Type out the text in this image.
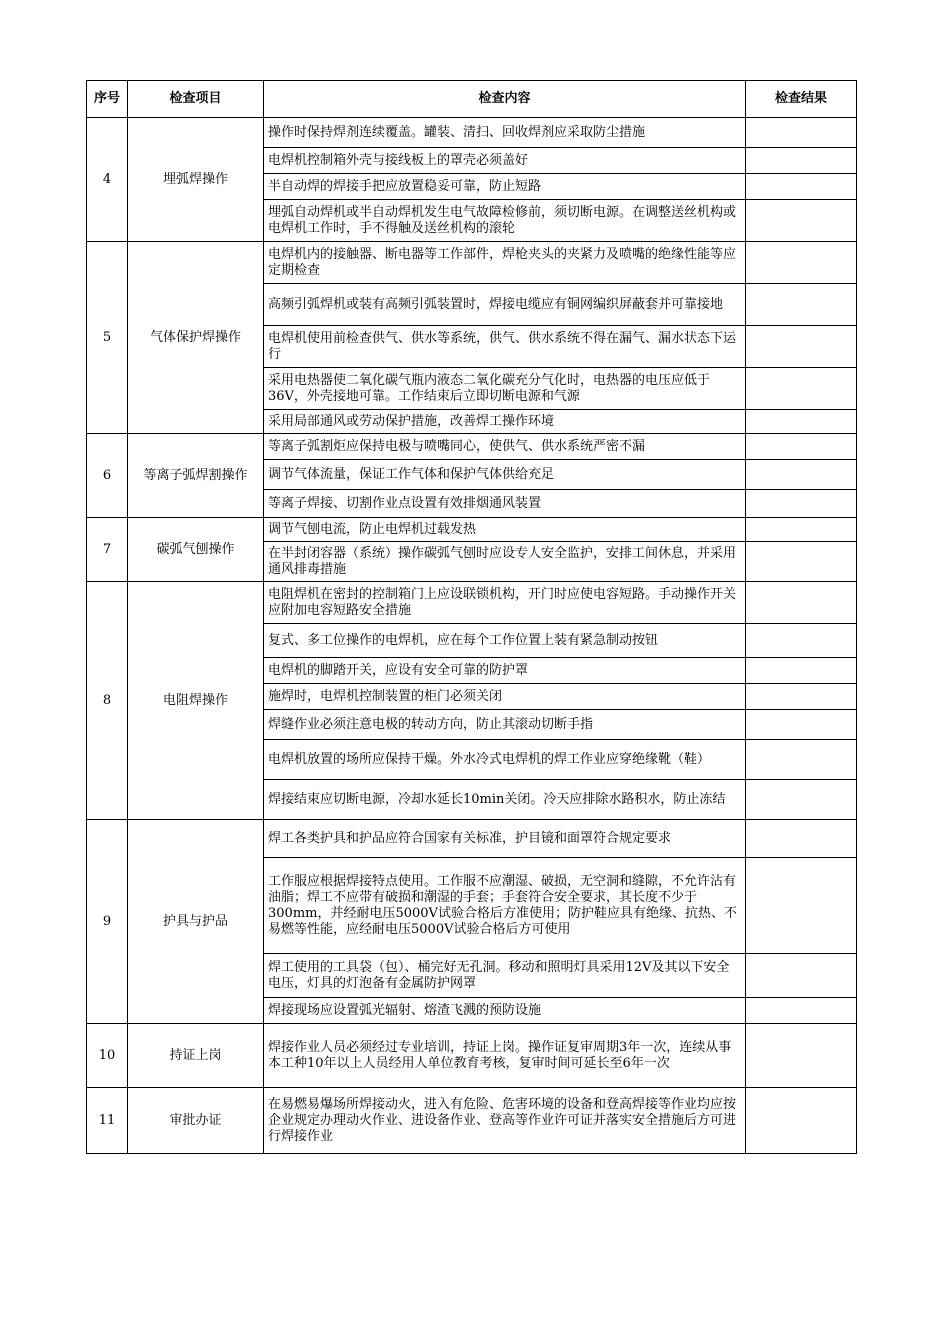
序号	检查项目	检查内容	检查结果
4	埋弧焊操作	操作时保持焊剂连续覆盖。罐装、清扫、回收焊剂应采取防尘措施	
		电焊机控制箱外壳与接线板上的罩壳必须盖好	
		半自动焊的焊接手把应放置稳妥可靠，防止短路	
		埋弧自动焊机或半自动焊机发生电气故障检修前，须切断电源。在调整送丝机构或电焊机工作时，手不得触及送丝机构的滚轮	
5	气体保护焊操作	电焊机内的接触器、断电器等工作部件，焊枪夹头的夹紧力及喷嘴的绝缘性能等应定期检查	
		高频引弧焊机或装有高频引弧装置时，焊接电缆应有铜网编织屏蔽套并可靠接地	
		电焊机使用前检查供气、供水等系统，供气、供水系统不得在漏气、漏水状态下运行	
		采用电热器使二氧化碳气瓶内液态二氧化碳充分气化时，电热器的电压应低于36V，外壳接地可靠。工作结束后立即切断电源和气源	
		采用局部通风或劳动保护措施，改善焊工操作环境	
6	等离子弧焊割操作	等离子弧割炬应保持电极与喷嘴同心，使供气、供水系统严密不漏	
		调节气体流量，保证工作气体和保护气体供给充足	
		等离子焊接、切割作业点设置有效排烟通风装置	
7	碳弧气刨操作	调节气刨电流，防止电焊机过载发热	
		在半封闭容器（系统）操作碳弧气刨时应设专人安全监护，安排工间休息，并采用通风排毒措施	
8	电阻焊操作	电阻焊机在密封的控制箱门上应设联锁机构，开门时应使电容短路。手动操作开关应附加电容短路安全措施	
		复式、多工位操作的电焊机，应在每个工作位置上装有紧急制动按钮	
		电焊机的脚踏开关，应设有安全可靠的防护罩	
		施焊时，电焊机控制装置的柜门必须关闭	
		焊缝作业必须注意电极的转动方向，防止其滚动切断手指	
		电焊机放置的场所应保持干燥。外水冷式电焊机的焊工作业应穿绝缘靴（鞋）	
		焊接结束应切断电源，冷却水延长10min关闭。冷天应排除水路积水，防止冻结	
9	护具与护品	焊工各类护具和护品应符合国家有关标准，护目镜和面罩符合规定要求	
		工作服应根据焊接特点使用。工作服不应潮湿、破损，无空洞和缝隙，不允许沾有油脂；焊工不应带有破损和潮湿的手套；手套符合安全要求，其长度不少于300mm，并经耐电压5000V试验合格后方准使用；防护鞋应具有绝缘、抗热、不易燃等性能，应经耐电压5000V试验合格后方可使用	
		焊工使用的工具袋（包）、桶完好无孔洞。移动和照明灯具采用12V及其以下安全电压，灯具的灯泡备有金属防护网罩	
		焊接现场应设置弧光辐射、熔渣飞溅的预防设施	
10	持证上岗	焊接作业人员必须经过专业培训，持证上岗。操作证复审周期3年一次，连续从事本工种10年以上人员经用人单位教育考核，复审时间可延长至6年一次	
11	审批办证	在易燃易爆场所焊接动火，进入有危险、危害环境的设备和登高焊接等作业均应按企业规定办理动火作业、进设备作业、登高等作业许可证并落实安全措施后方可进行焊接作业	
